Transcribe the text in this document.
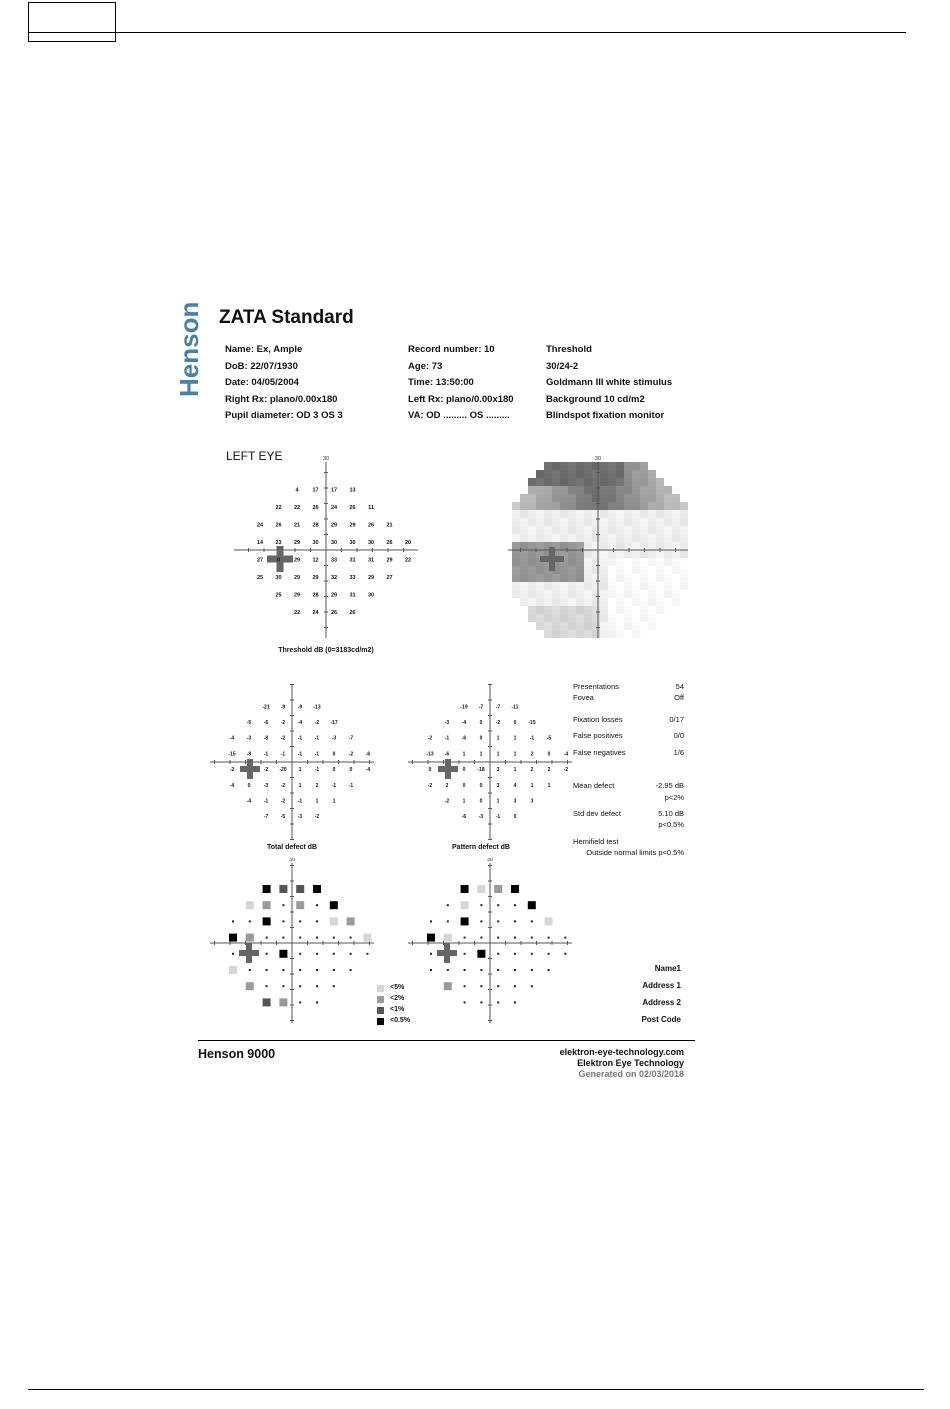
Henson ZATA Standard
Name: Ex, Ample	Record number: 10	Threshold
DoB: 22/07/1930	Age: 73	30/24-2
Date: 04/05/2004	Time: 13:50:00	Goldmann III white stimulus
Right Rx: plano/0.00x180	Left Rx: plano/0.00x180	Background 10 cd/m2
Pupil diameter: OD 3 OS 3	VA: OD ......... OS .........	Blindspot fixation monitor
LEFT EYE	30
4	17 17 13
22 22 26 24 26 11
24 26 21 28 29 29 26 21
14 23 29 30 30 30 30 26 20
27	0	29 12 33 31 31 29 22
25 30 29 29 32 33 29 27
25 29 28 29 31 30
22 24 26 26
Threshold dB (0=3183cd/m2)
30
-21 -9	-9 -13
-5	-6	-2	-4	-2 -17
-4	-3	-8	-2	-1	-1	-3	-7
-15 -8	-1	-1	-1	-1	0	-2	-6
-2	-2 -20 1	-1	0	0	-4
-4	0	-3	-2	1	2	-1	-1
-4	-1	-2	-1	1	1
-7	-5	-3	-2
Total defect dB
-19 -7	-7 -11
-3	-4	0	-2	0 -15
-2	-1	-6	0	1	1	-1	-5
-13 -6	1	1	1	1	2	0	-4
0	0 -18 3	1	2	2	-2
-2	2	0	0	3	4	1	1
-2	1	0	1	3	3
-6	-3	-1	0
Pattern defect dB
30	30
<5%
<2%
<1%
<0.5%
Presentations	54
Fovea	Off
Fixation losses	0/17
False positives	0/0
False negatives	1/6
Mean defect	-2.95 dB
p<2%
Std dev defect	5.10 dB
p<0.5%
Hemifield test
Outside normal limits p<0.5%
Name1
Address 1
Address 2
Post Code
Henson 9000	elektron-eye-technology.com
Elektron Eye Technology
Generated on 02/03/2018
